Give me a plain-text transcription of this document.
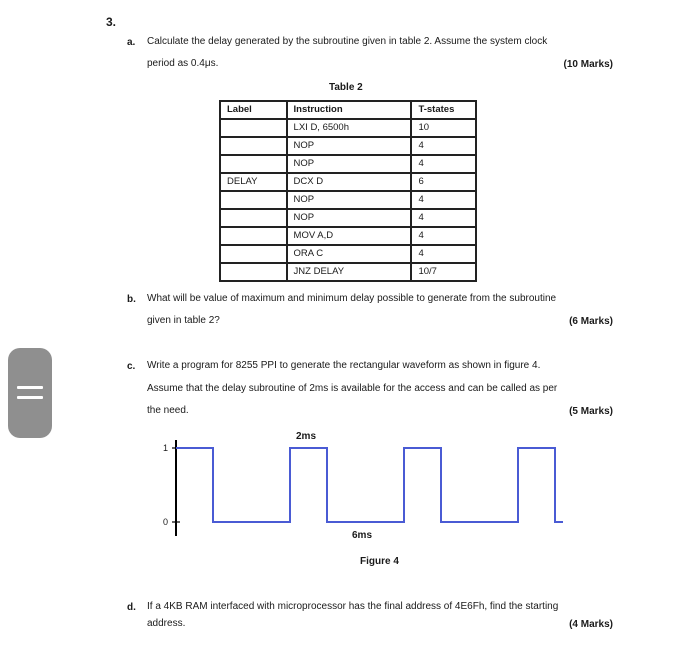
3.
a. Calculate the delay generated by the subroutine given in table 2. Assume the system clock
period as 0.4μs.	(10 Marks)
Table 2
Label	Instruction	T-states
	LXI D, 6500h	10
	NOP	4
	NOP	4
DELAY	DCX D	6
	NOP	4
	NOP	4
	MOV A,D	4
	ORA C	4
	JNZ DELAY	10/7
b. What will be value of maximum and minimum delay possible to generate from the subroutine
given in table 2?	(6 Marks)
c. Write a program for 8255 PPI to generate the rectangular waveform as shown in figure 4.
Assume that the delay subroutine of 2ms is available for the access and can be called as per
the need.	(5 Marks)
1
0
2ms
6ms
Figure 4
d. If a 4KB RAM interfaced with microprocessor has the final address of 4E6Fh, find the starting
address.	(4 Marks)
